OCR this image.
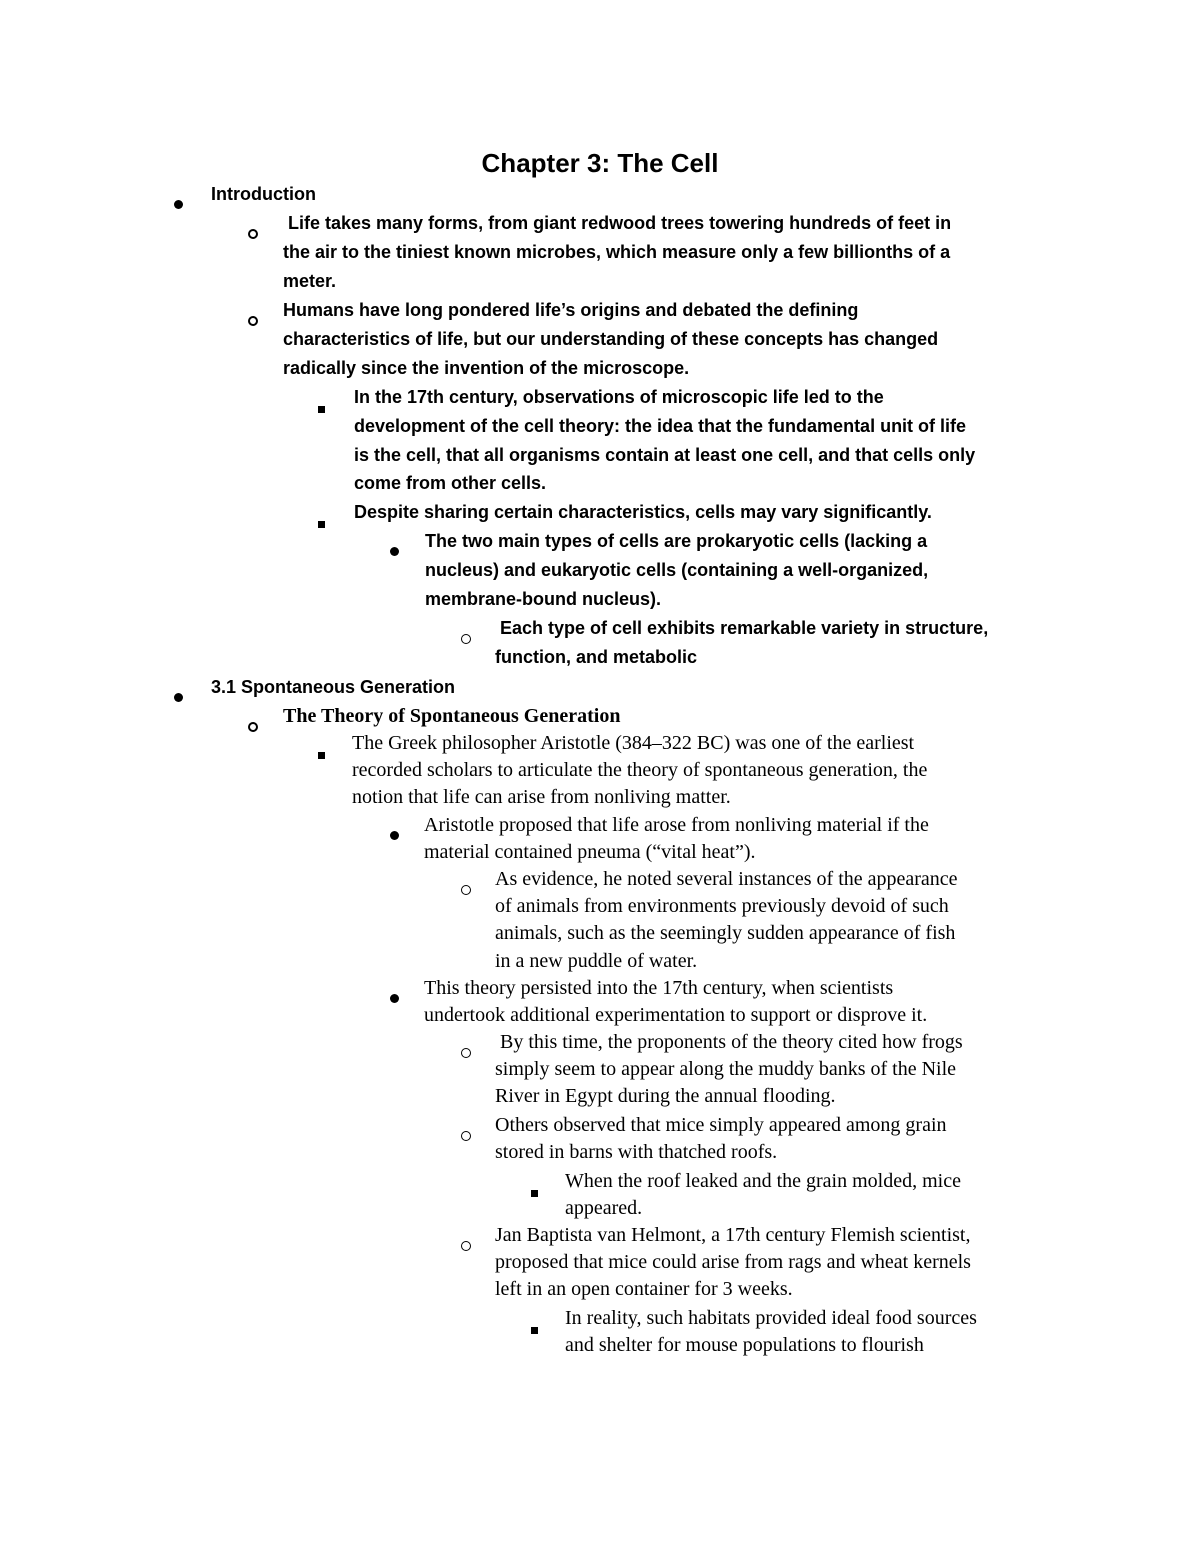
Chapter 3: The Cell
Introduction
Life takes many forms, from giant redwood trees towering hundreds of feet in
the air to the tiniest known microbes, which measure only a few billionths of a
meter.
Humans have long pondered life’s origins and debated the defining
characteristics of life, but our understanding of these concepts has changed
radically since the invention of the microscope.
In the 17th century, observations of microscopic life led to the
development of the cell theory: the idea that the fundamental unit of life
is the cell, that all organisms contain at least one cell, and that cells only
come from other cells.
Despite sharing certain characteristics, cells may vary significantly.
The two main types of cells are prokaryotic cells (lacking a
nucleus) and eukaryotic cells (containing a well-organized,
membrane-bound nucleus).
Each type of cell exhibits remarkable variety in structure,
function, and metabolic
3.1 Spontaneous Generation
The Theory of Spontaneous Generation
The Greek philosopher Aristotle (384–322 BC) was one of the earliest
recorded scholars to articulate the theory of spontaneous generation, the
notion that life can arise from nonliving matter.
Aristotle proposed that life arose from nonliving material if the
material contained pneuma (“vital heat”).
As evidence, he noted several instances of the appearance
of animals from environments previously devoid of such
animals, such as the seemingly sudden appearance of fish
in a new puddle of water.
This theory persisted into the 17th century, when scientists
undertook additional experimentation to support or disprove it.
By this time, the proponents of the theory cited how frogs
simply seem to appear along the muddy banks of the Nile
River in Egypt during the annual flooding.
Others observed that mice simply appeared among grain
stored in barns with thatched roofs.
When the roof leaked and the grain molded, mice
appeared.
Jan Baptista van Helmont, a 17th century Flemish scientist,
proposed that mice could arise from rags and wheat kernels
left in an open container for 3 weeks.
In reality, such habitats provided ideal food sources
and shelter for mouse populations to flourish
